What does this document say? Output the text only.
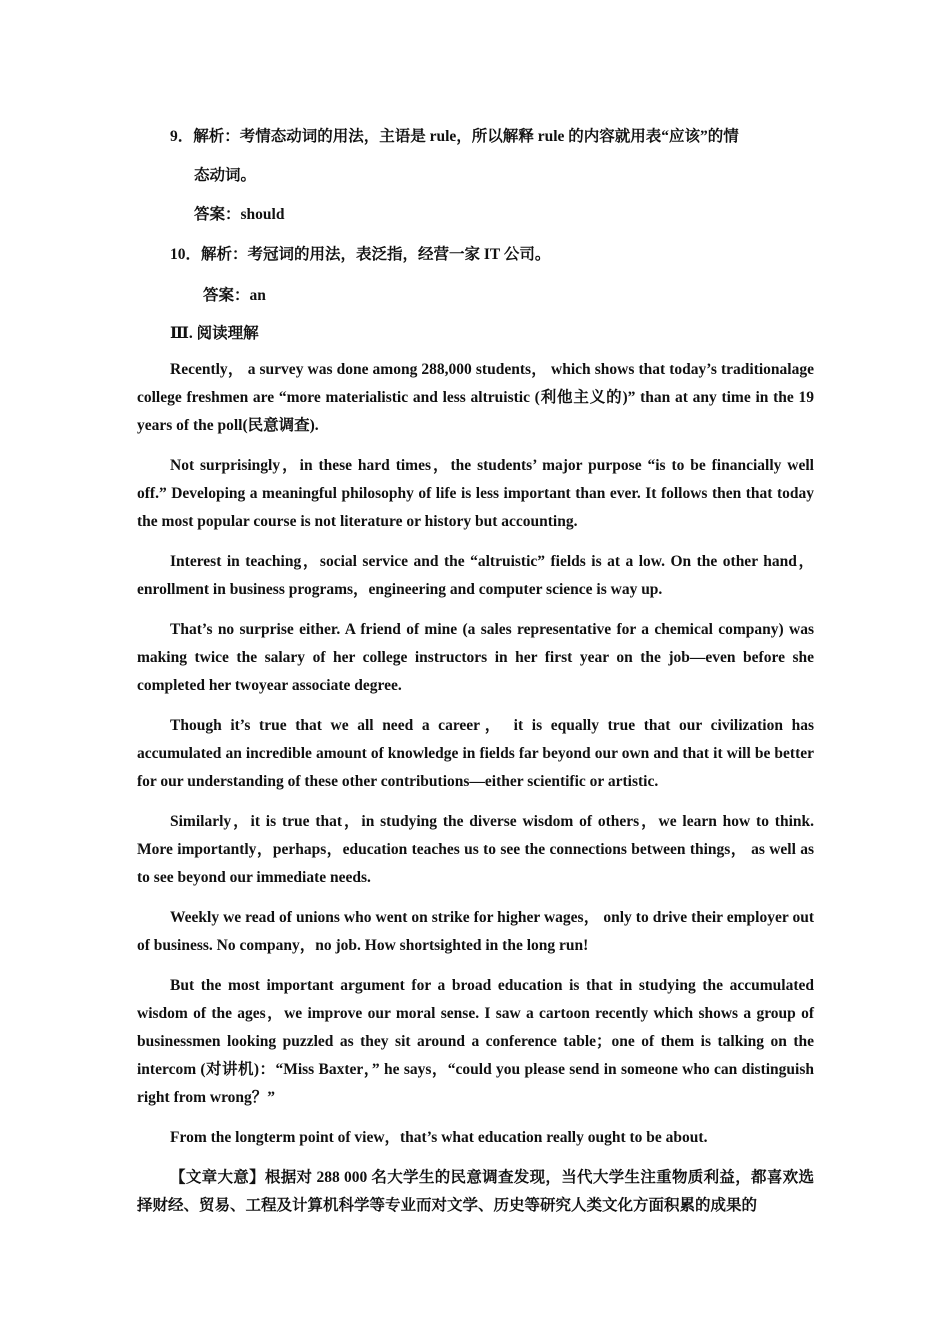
9．解析：考情态动词的用法，主语是 rule，所以解释 rule 的内容就用表“应该”的情
态动词。
答案：should
10．解析：考冠词的用法，表泛指，经营一家 IT 公司。
答案：an
Ⅲ. 阅读理解
Recently， a survey was done among 288,000 students， which shows that today’s traditionalage college freshmen are “more materialistic and less altruistic (利他主义的)” than at any time in the 19 years of the poll(民意调查).
Not surprisingly，in these hard times，the students’ major purpose “is to be financially well off.” Developing a meaningful philosophy of life is less important than ever. It follows then that today the most popular course is not literature or history but accounting.
Interest in teaching，social service and the “altruistic” fields is at a low. On the other hand，enrollment in business programs，engineering and computer science is way up.
That’s no surprise either. A friend of mine (a sales representative for a chemical company) was making twice the salary of her college instructors in her first year on the job—even before she completed her twoyear associate degree.
Though it’s true that we all need a career， it is equally true that our civilization has accumulated an incredible amount of knowledge in fields far beyond our own and that it will be better for our understanding of these other contributions—either scientific or artistic.
Similarly，it is true that，in studying the diverse wisdom of others，we learn how to think. More importantly，perhaps，education teaches us to see the connections between things， as well as to see beyond our immediate needs.
Weekly we read of unions who went on strike for higher wages， only to drive their employer out of business. No company，no job. How shortsighted in the long run!
But the most important argument for a broad education is that in studying the accumulated wisdom of the ages，we improve our moral sense. I saw a cartoon recently which shows a group of businessmen looking puzzled as they sit around a conference table；one of them is talking on the intercom (对讲机)：“Miss Baxter，” he says，“could you please send in someone who can distinguish right from wrong？”
From the longterm point of view，that’s what education really ought to be about.
【文章大意】根据对 288 000 名大学生的民意调查发现，当代大学生注重物质利益，都喜欢选择财经、贸易、工程及计算机科学等专业而对文学、历史等研究人类文化方面积累的成果的
